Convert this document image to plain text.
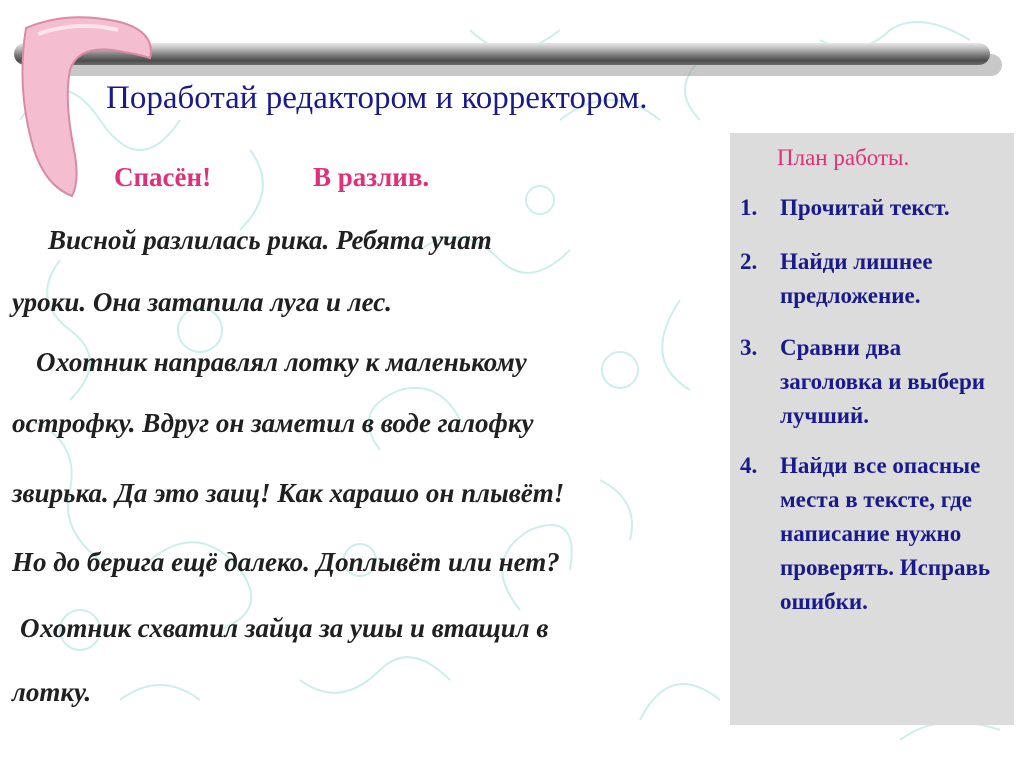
Поработай редактором и корректором.
Спасён!	В разлив.
Висной разлилась рика. Ребята учат
уроки. Она затапила луга и лес.
Охотник направлял лотку к маленькому
острофку. Вдруг он заметил в воде галофку
звирька. Да это заиц! Как харашо он плывёт!
Но до берига ещё далеко. Доплывёт или нет?
Охотник схватил зайца за ушы и втащил в
лотку.
План работы.
1. Прочитай текст.
2. Найди лишнее предложение.
3. Сравни два заголовка и выбери лучший.
4. Найди все опасные места в тексте, где написание нужно проверять. Исправь ошибки.
